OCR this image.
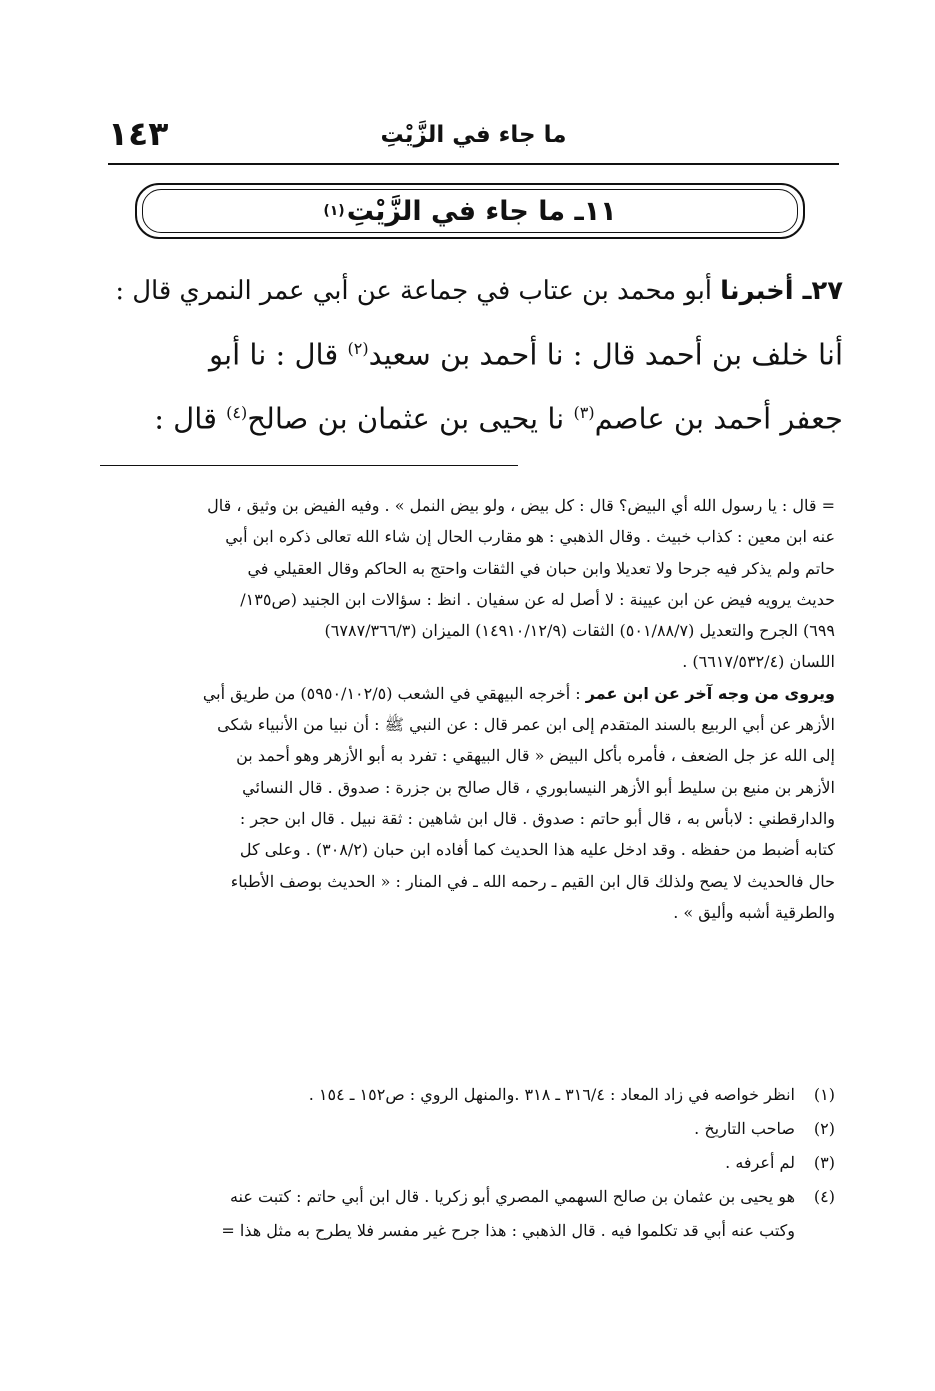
١٤٣	ما جاء في الزَّيْتِ
١١ـ ما جاء في الزَّيْتِ
(١)
٢٧ـ أخبرنا أبو محمد بن عتاب في جماعة عن أبي عمر النمري قال :
أنا خلف بن أحمد قال : نا أحمد بن سعيد$^{(٢)}$ قال : نا أبو
جعفر أحمد بن عاصم$^{(٣)}$ نا يحيى بن عثمان بن صالح$^{(٤)}$ قال :
= قال : يا رسول الله أي البيض؟ قال : كل بيض ، ولو بيض النمل » . وفيه الفيض بن وثيق ، قال
عنه ابن معين : كذاب خبيث . وقال الذهبي : هو مقارب الحال إن شاء الله تعالى ذكره ابن أبي
حاتم ولم يذكر فيه جرحا ولا تعديلا وابن حبان في الثقات واحتج به الحاكم وقال العقيلي في
حديث يرويه فيض عن ابن عيينة : لا أصل له عن سفيان . انظ : سؤالات ابن الجنيد (ص١٣٥/
٦٩٩) الجرح والتعديل (٥٠١/٨٨/٧) الثقات (١٤٩١٠/١٢/٩) الميزان (٦٧٨٧/٣٦٦/٣)
اللسان (٦٦١٧/٥٣٢/٤) .
ويروى من وجه آخر عن ابن عمر : أخرجه البيهقي في الشعب (٥٩٥٠/١٠٢/٥) من طريق أبي
الأزهر عن أبي الربيع بالسند المتقدم إلى ابن عمر قال : عن النبي ﷺ : أن نبيا من الأنبياء شكى
إلى الله عز جل الضعف ، فأمره بأكل البيض « قال البيهقي : تفرد به أبو الأزهر وهو أحمد بن
الأزهر بن منيع بن سليط أبو الأزهر النيسابوري ، قال صالح بن جزرة : صدوق . قال النسائي
والدارقطني : لابأس به ، قال أبو حاتم : صدوق . قال ابن شاهين : ثقة نبيل . قال ابن حجر :
كتابه أضبط من حفظه . وقد ادخل عليه هذا الحديث كما أفاده ابن حبان (٣٠٨/٢) . وعلى كل
حال فالحديث لا يصح ولذلك قال ابن القيم ـ رحمه الله ـ في المنار : « الحديث بوصف الأطباء
والطرقية أشبه وأليق » .
(١)
انظر خواصه في زاد المعاد : ٣١٦/٤ ـ ٣١٨ .والمنهل الروي : ص١٥٢ ـ ١٥٤ .
(٢)
صاحب التاريخ .
(٣)
لم أعرفه .
(٤)
هو يحيى بن عثمان بن صالح السهمي المصري أبو زكريا . قال ابن أبي حاتم : كتبت عنه
وكتب عنه أبي قد تكلموا فيه . قال الذهبي : هذا جرح غير مفسر فلا يطرح به مثل هذا =
